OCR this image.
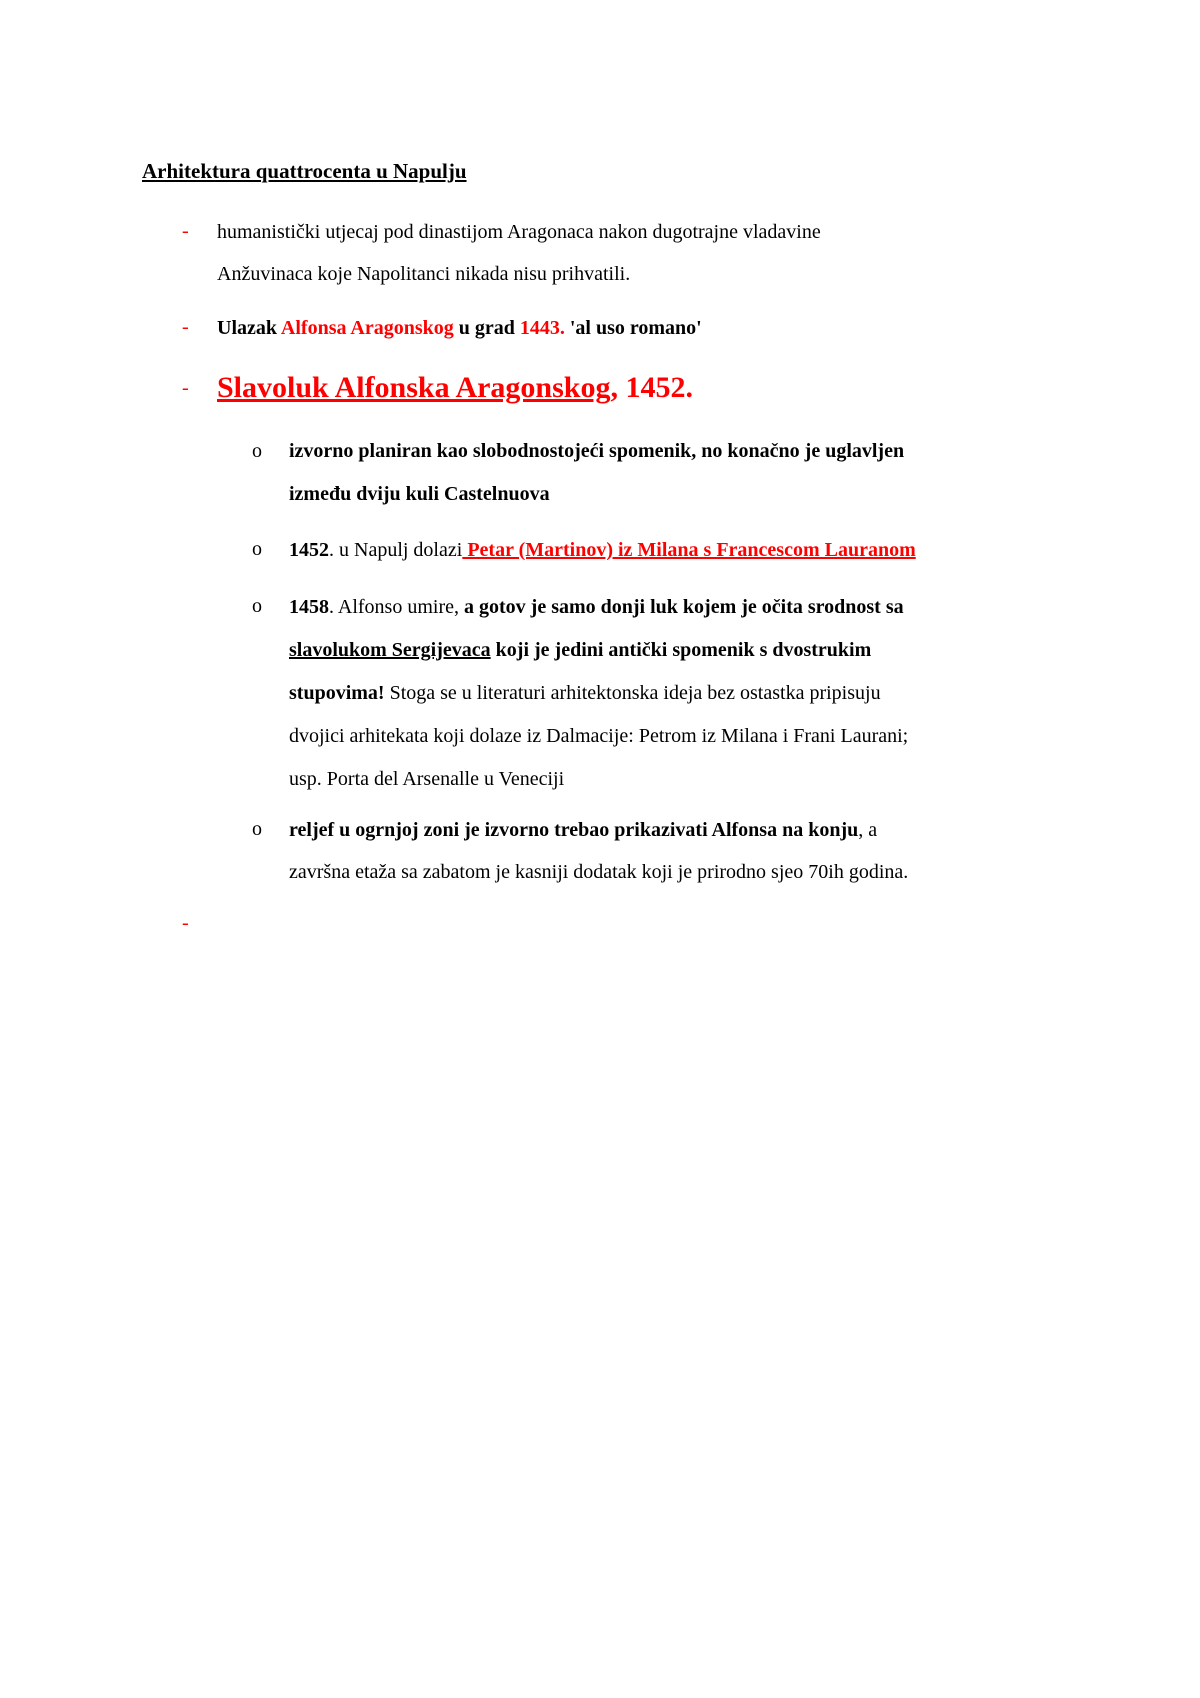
Arhitektura quattrocenta u Napulju
- humanistički utjecaj pod dinastijom Aragonaca nakon dugotrajne vladavine
Anžuvinaca koje Napolitanci nikada nisu prihvatili.
- Ulazak Alfonsa Aragonskog u grad 1443. 'al uso romano'
- Slavoluk Alfonska Aragonskog, 1452.
o izvorno planiran kao slobodnostojeći spomenik, no konačno je uglavljen
između dviju kuli Castelnuova
o 1452. u Napulj dolazi Petar (Martinov) iz Milana s Francescom Lauranom
o 1458. Alfonso umire, a gotov je samo donji luk kojem je očita srodnost sa
slavolukom Sergijevaca koji je jedini antički spomenik s dvostrukim
stupovima! Stoga se u literaturi arhitektonska ideja bez ostastka pripisuju
dvojici arhitekata koji dolaze iz Dalmacije: Petrom iz Milana i Frani Laurani;
usp. Porta del Arsenalle u Veneciji
o reljef u ogrnjoj zoni je izvorno trebao prikazivati Alfonsa na konju, a
završna etaža sa zabatom je kasniji dodatak koji je prirodno sjeo 70ih godina.
-
